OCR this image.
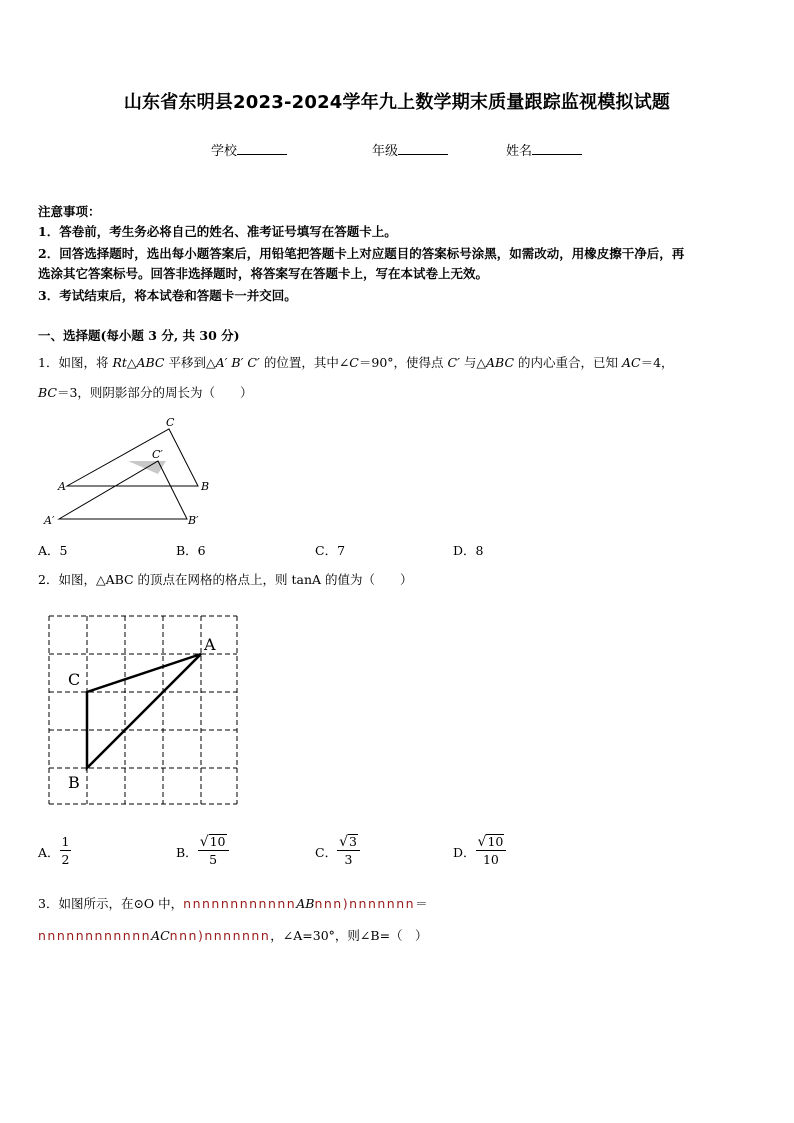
山东省东明县2023-2024学年九上数学期末质量跟踪监视模拟试题
学校	年级	姓名
注意事项：
1．答卷前，考生务必将自己的姓名、准考证号填写在答题卡上。
2．回答选择题时，选出每小题答案后，用铅笔把答题卡上对应题目的答案标号涂黑，如需改动，用橡皮擦干净后，再
选涂其它答案标号。回答非选择题时，将答案写在答题卡上，写在本试卷上无效。
3．考试结束后，将本试卷和答题卡一并交回。
一、选择题(每小题 3 分, 共 30 分)
1．如图，将 Rt△ABC 平移到△A′ B′ C′ 的位置，其中∠C＝90°，使得点 C′ 与△ABC 的内心重合，已知 AC＝4，
BC＝3，则阴影部分的周长为（　　）
C
C′
A	B
A′	B′
A．5	B．6	C．7	D．8
2．如图，△ABC 的顶点在网格的格点上，则 tanA 的值为（　　）
A
C
B
A． $\frac{1}{2}$	B． $\frac{√ 10}{5}$	C． $\frac{√ 3}{3}$	D． $\frac{√ 10}{10}$
3．如图所示，在⊙O 中，nnnnnnnnnnnnABnnn)nnnnnnn＝
nnnnnnnnnnnnACnnn)nnnnnnn，∠A=30°，则∠B=（　）
